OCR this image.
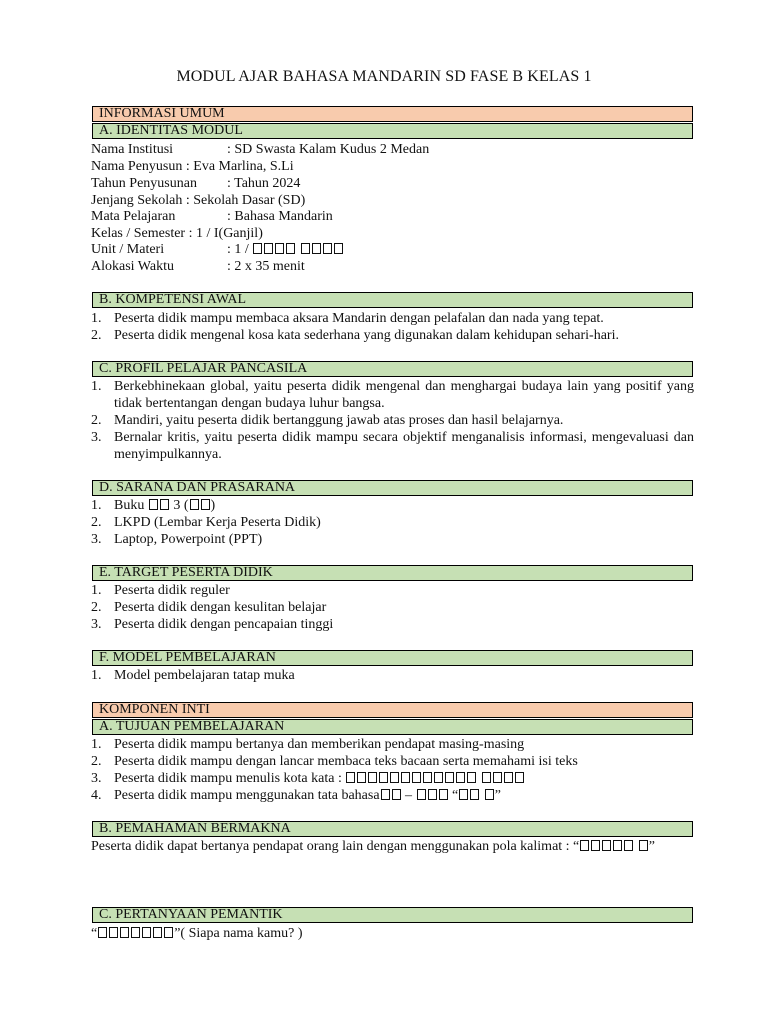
MODUL AJAR BAHASA MANDARIN SD FASE B KELAS 1
INFORMASI UMUM
A. IDENTITAS MODUL
Nama Institusi	: SD Swasta Kalam Kudus 2 Medan
Nama Penyusun : Eva Marlina, S.Li
Tahun Penyusunan : Tahun 2024
Jenjang Sekolah : Sekolah Dasar (SD)
Mata Pelajaran	: Bahasa Mandarin
Kelas / Semester : 1 / I(Ganjil)
Unit / Materi	: 1 /
Alokasi Waktu	: 2 x 35 menit
B. KOMPETENSI AWAL
1. Peserta didik mampu membaca aksara Mandarin dengan pelafalan dan nada yang tepat.
2. Peserta didik mengenal kosa kata sederhana yang digunakan dalam kehidupan sehari-hari.
C. PROFIL PELAJAR PANCASILA
1. Berkebhinekaan global, yaitu peserta didik mengenal dan menghargai budaya lain yang positif yang tidak bertentangan dengan budaya luhur bangsa.
2. Mandiri, yaitu peserta didik bertanggung jawab atas proses dan hasil belajarnya.
3. Bernalar kritis, yaitu peserta didik mampu secara objektif menganalisis informasi, mengevaluasi dan menyimpulkannya.
D. SARANA DAN PRASARANA
1. Buku 3 ( )
2. LKPD (Lembar Kerja Peserta Didik)
3. Laptop, Powerpoint (PPT)
E. TARGET PESERTA DIDIK
1. Peserta didik reguler
2. Peserta didik dengan kesulitan belajar
3. Peserta didik dengan pencapaian tinggi
F. MODEL PEMBELAJARAN
1. Model pembelajaran tatap muka
KOMPONEN INTI
A. TUJUAN PEMBELAJARAN
1. Peserta didik mampu bertanya dan memberikan pendapat masing-masing
2. Peserta didik mampu dengan lancar membaca teks bacaan serta memahami isi teks
3. Peserta didik mampu menulis kota kata :
4. Peserta didik mampu menggunakan tata bahasa –  “	”
B. PEMAHAMAN BERMAKNA
Peserta didik dapat bertanya pendapat orang lain dengan menggunakan pola kalimat : “	”
C. PERTANYAAN PEMANTIK
“	”( Siapa nama kamu? )
